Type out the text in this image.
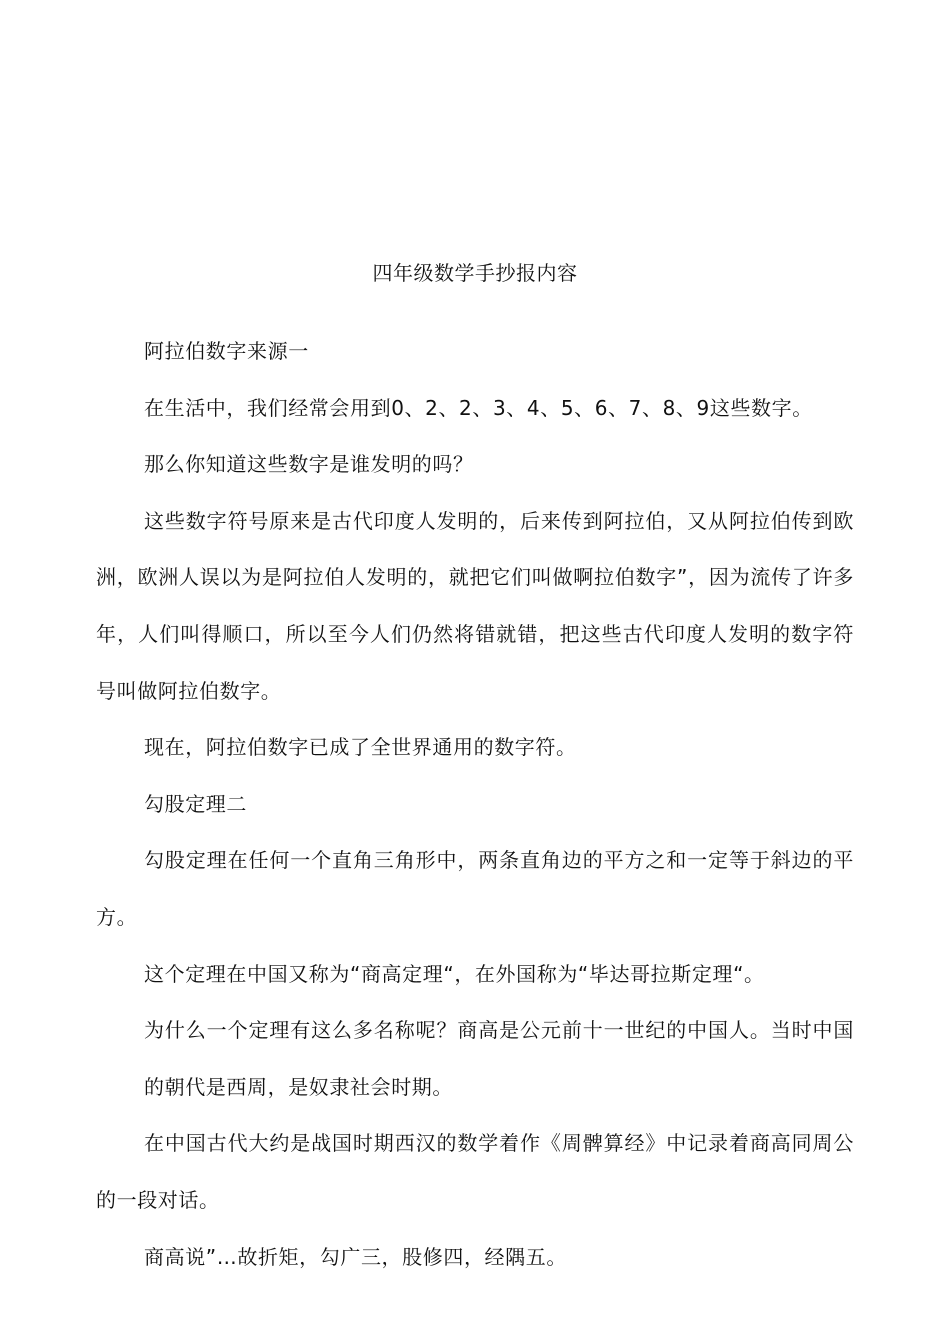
四年级数学手抄报内容

阿拉伯数字来源一

在生活中，我们经常会用到0、2、2、3、4、5、6、7、8、9这些数字。

那么你知道这些数字是谁发明的吗？

这些数字符号原来是古代印度人发明的，后来传到阿拉伯，又从阿拉伯传到欧洲，欧洲人误以为是阿拉伯人发明的，就把它们叫做啊拉伯数字”，因为流传了许多年，人们叫得顺口，所以至今人们仍然将错就错，把这些古代印度人发明的数字符号叫做阿拉伯数字。

现在，阿拉伯数字已成了全世界通用的数字符。

勾股定理二

勾股定理在任何一个直角三角形中，两条直角边的平方之和一定等于斜边的平方。

这个定理在中国又称为“商高定理“，在外国称为“毕达哥拉斯定理“。

为什么一个定理有这么多名称呢？商高是公元前十一世纪的中国人。当时中国的朝代是西周，是奴隶社会时期。

在中国古代大约是战国时期西汉的数学着作《周髀算经》中记录着商高同周公的一段对话。

商高说”…故折矩，勾广三，股修四，经隅五。
